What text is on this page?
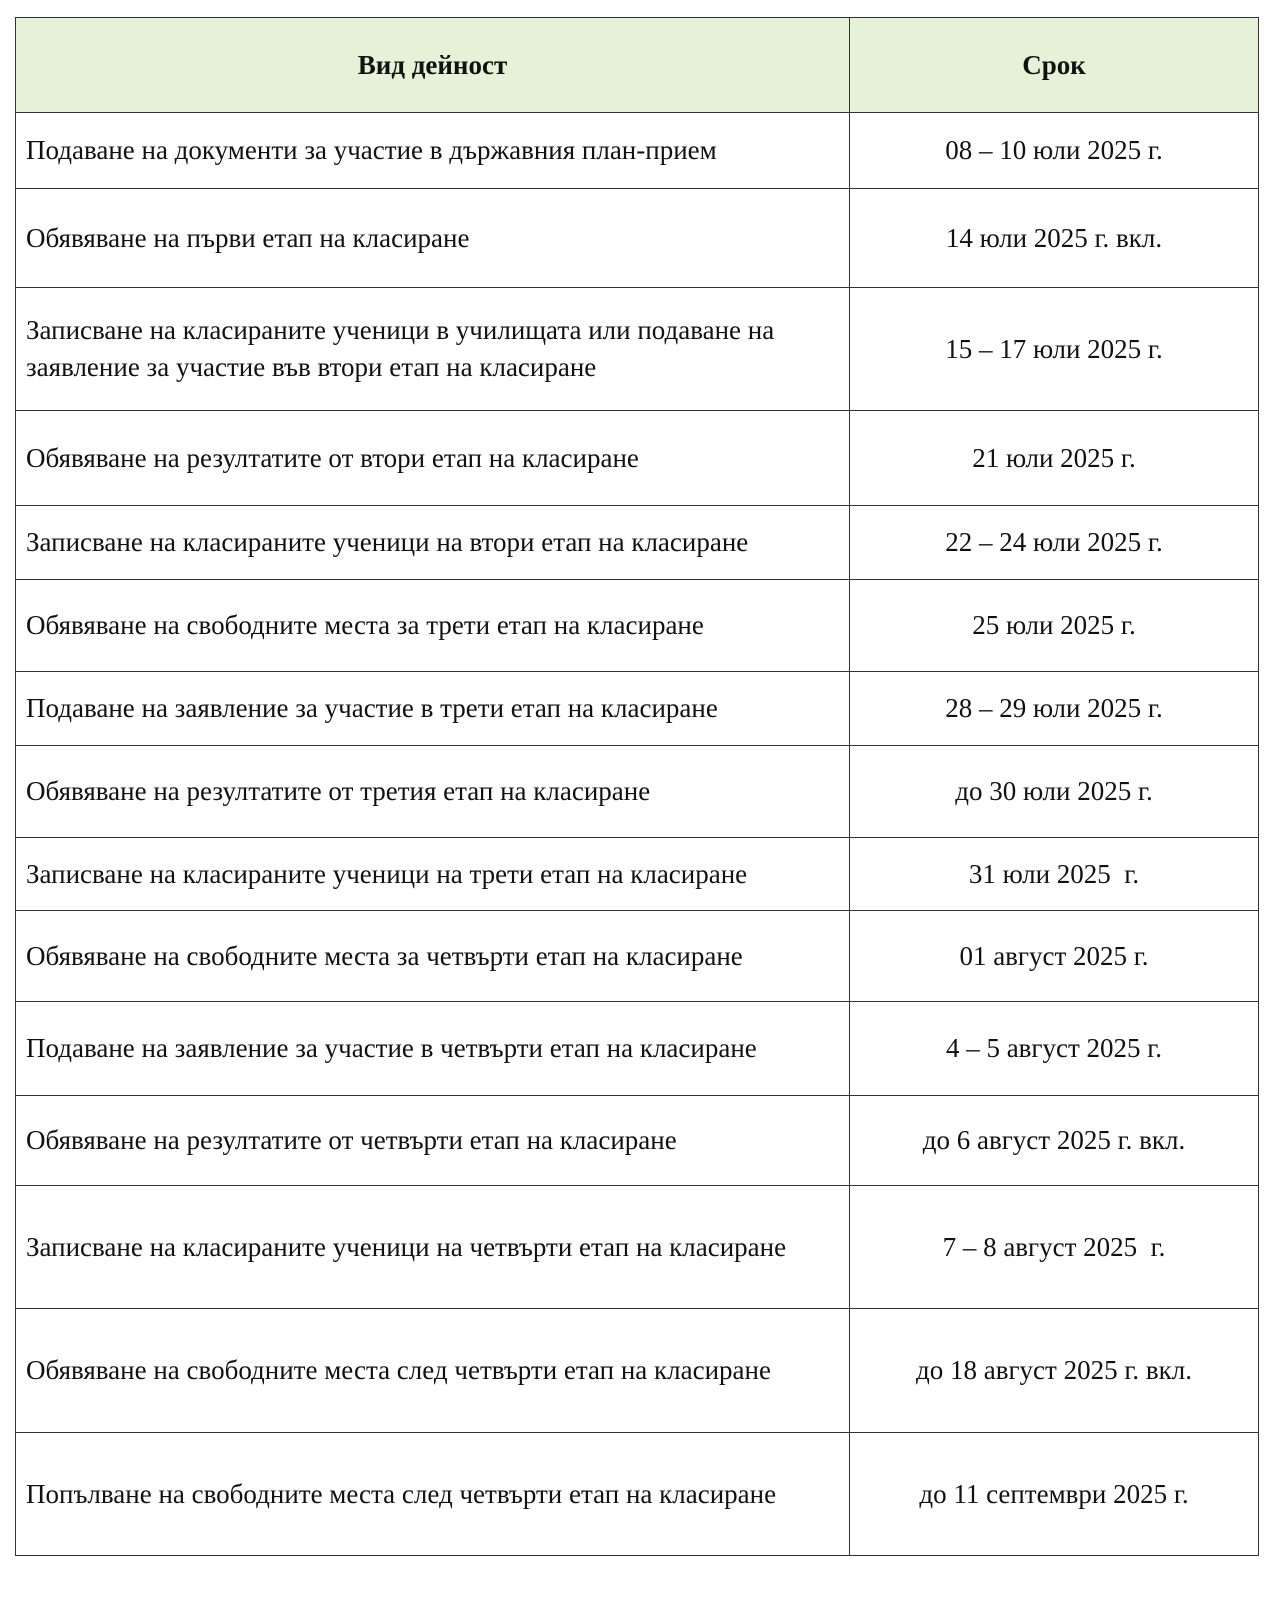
Вид дейност	Срок
Подаване на документи за участие в държавния план-прием	08 – 10 юли 2025 г.
Обявяване на първи етап на класиране	14 юли 2025 г. вкл.
Записване на класираните ученици в училищата или подаване на заявление за участие във втори етап на класиране	15 – 17 юли 2025 г.
Обявяване на резултатите от втори етап на класиране	21 юли 2025 г.
Записване на класираните ученици на втори етап на класиране	22 – 24 юли 2025 г.
Обявяване на свободните места за трети етап на класиране	25 юли 2025 г.
Подаване на заявление за участие в трети етап на класиране	28 – 29 юли 2025 г.
Обявяване на резултатите от третия етап на класиране	до 30 юли 2025 г.
Записване на класираните ученици на трети етап на класиране	31 юли 2025  г.
Обявяване на свободните места за четвърти етап на класиране	01 август 2025 г.
Подаване на заявление за участие в четвърти етап на класиране	4 – 5 август 2025 г.
Обявяване на резултатите от четвърти етап на класиране	до 6 август 2025 г. вкл.
Записване на класираните ученици на четвърти етап на класиране	7 – 8 август 2025  г.
Обявяване на свободните места след четвърти етап на класиране	до 18 август 2025 г. вкл.
Попълване на свободните места след четвърти етап на класиране	до 11 септември 2025 г.
